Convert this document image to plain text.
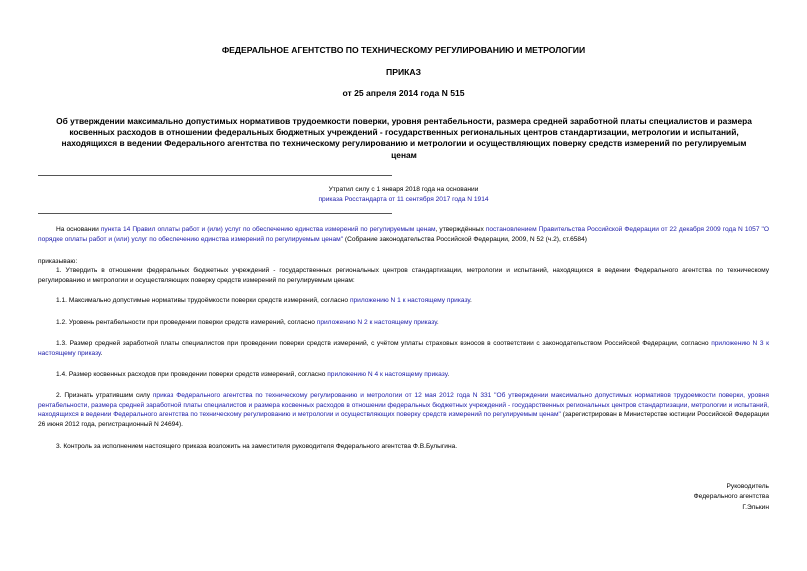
ФЕДЕРАЛЬНОЕ АГЕНТСТВО ПО ТЕХНИЧЕСКОМУ РЕГУЛИРОВАНИЮ И МЕТРОЛОГИИ
ПРИКАЗ
от 25 апреля 2014 года N 515
Об утверждении максимально допустимых нормативов трудоемкости поверки, уровня рентабельности, размера средней заработной платы специалистов и размера косвенных расходов в отношении федеральных бюджетных учреждений - государственных региональных центров стандартизации, метрологии и испытаний, находящихся в ведении Федерального агентства по техническому регулированию и метрологии и осуществляющих поверку средств измерений по регулируемым ценам
Утратил силу с 1 января 2018 года на основании
приказа Росстандарта от 11 сентября 2017 года N 1914
На основании пункта 14 Правил оплаты работ и (или) услуг по обеспечению единства измерений по регулируемым ценам, утверждённых постановлением Правительства Российской Федерации от 22 декабря 2009 года N 1057 "О порядке оплаты работ и (или) услуг по обеспечению единства измерений по регулируемым ценам" (Собрание законодательства Российской Федерации, 2009, N 52 (ч.2), ст.6584)
приказываю:
1. Утвердить в отношении федеральных бюджетных учреждений - государственных региональных центров стандартизации, метрологии и испытаний, находящихся в ведении Федерального агентства по техническому регулированию и метрологии и осуществляющих поверку средств измерений по регулируемым ценам:
1.1. Максимально допустимые нормативы трудоёмкости поверки средств измерений, согласно приложению N 1 к настоящему приказу.
1.2. Уровень рентабельности при проведении поверки средств измерений, согласно приложению N 2 к настоящему приказу.
1.3. Размер средней заработной платы специалистов при проведении поверки средств измерений, с учётом уплаты страховых взносов в соответствии с законодательством Российской Федерации, согласно приложению N 3 к настоящему приказу.
1.4. Размер косвенных расходов при проведении поверки средств измерений, согласно приложению N 4 к настоящему приказу.
2. Признать утратившим силу приказ Федерального агентства по техническому регулированию и метрологии от 12 мая 2012 года N 331 "Об утверждении максимально допустимых нормативов трудоемкости поверки, уровня рентабельности, размера средней заработной платы специалистов и размера косвенных расходов в отношении федеральных бюджетных учреждений - государственных региональных центров стандартизации, метрологии и испытаний, находящихся в ведении Федерального агентства по техническому регулированию и метрологии и осуществляющих поверку средств измерений по регулируемым ценам" (зарегистрирован в Министерстве юстиции Российской Федерации 26 июня 2012 года, регистрационный N 24694).
3. Контроль за исполнением настоящего приказа возложить на заместителя руководителя Федерального агентства Ф.В.Булыгина.
Руководитель
Федерального агентства
Г.Элькин
